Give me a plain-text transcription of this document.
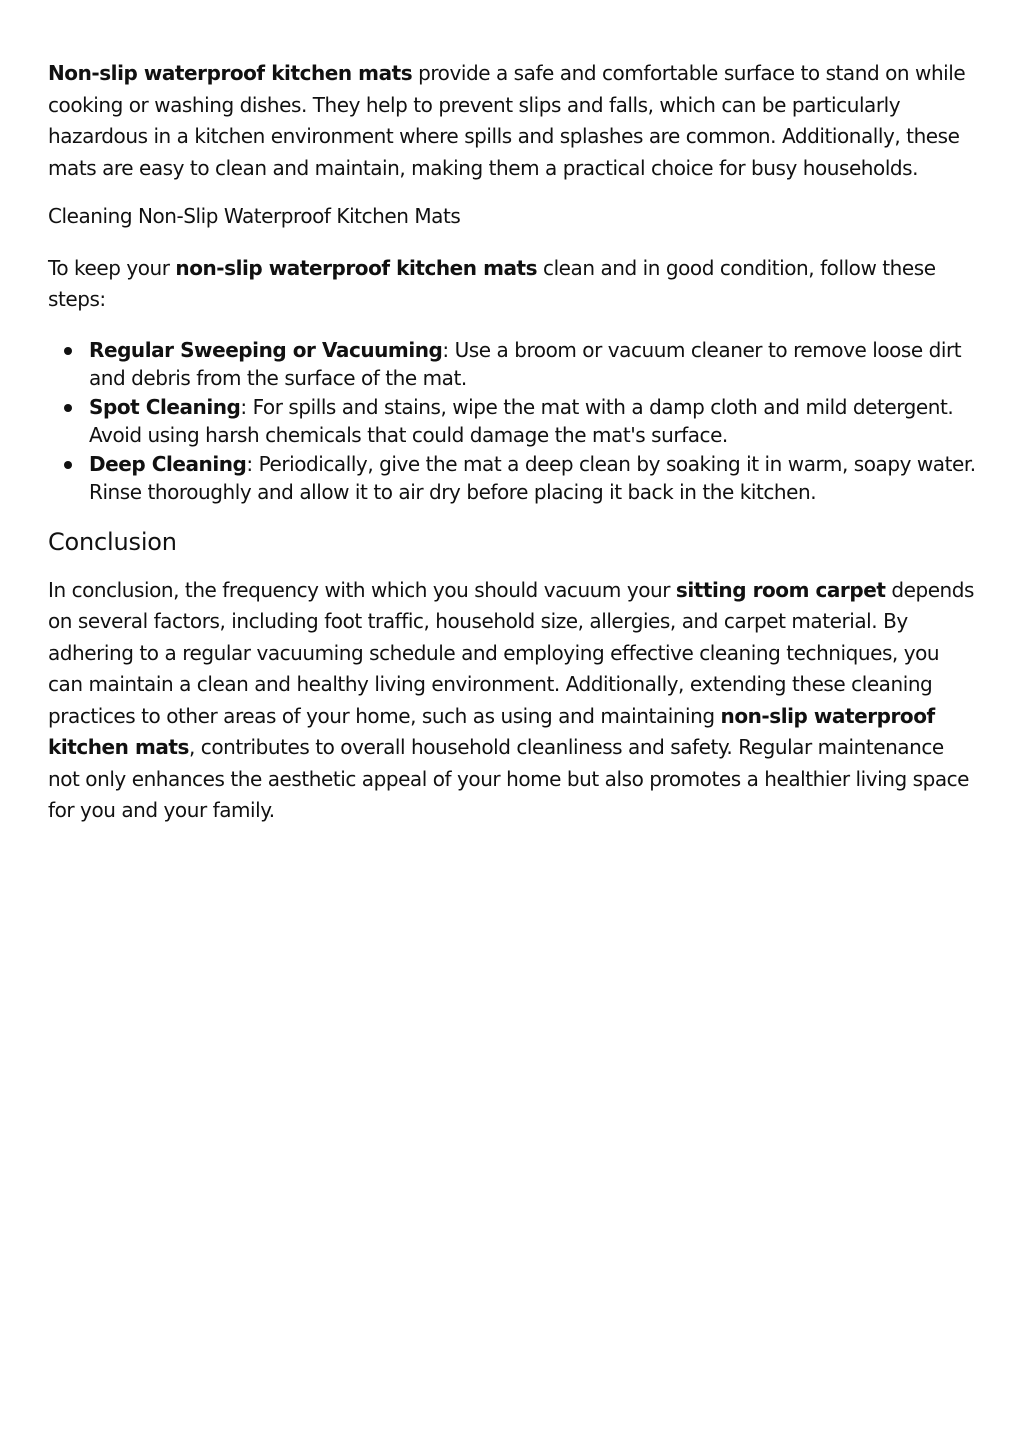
Non-slip waterproof kitchen mats provide a safe and comfortable surface to stand on while cooking or washing dishes. They help to prevent slips and falls, which can be particularly hazardous in a kitchen environment where spills and splashes are common. Additionally, these mats are easy to clean and maintain, making them a practical choice for busy households.

Cleaning Non-Slip Waterproof Kitchen Mats

To keep your non-slip waterproof kitchen mats clean and in good condition, follow these steps:

Regular Sweeping or Vacuuming: Use a broom or vacuum cleaner to remove loose dirt and debris from the surface of the mat.
Spot Cleaning: For spills and stains, wipe the mat with a damp cloth and mild detergent. Avoid using harsh chemicals that could damage the mat's surface.
Deep Cleaning: Periodically, give the mat a deep clean by soaking it in warm, soapy water. Rinse thoroughly and allow it to air dry before placing it back in the kitchen.
Conclusion

In conclusion, the frequency with which you should vacuum your sitting room carpet depends on several factors, including foot traffic, household size, allergies, and carpet material. By adhering to a regular vacuuming schedule and employing effective cleaning techniques, you can maintain a clean and healthy living environment. Additionally, extending these cleaning practices to other areas of your home, such as using and maintaining non-slip waterproof kitchen mats, contributes to overall household cleanliness and safety. Regular maintenance not only enhances the aesthetic appeal of your home but also promotes a healthier living space for you and your family.
